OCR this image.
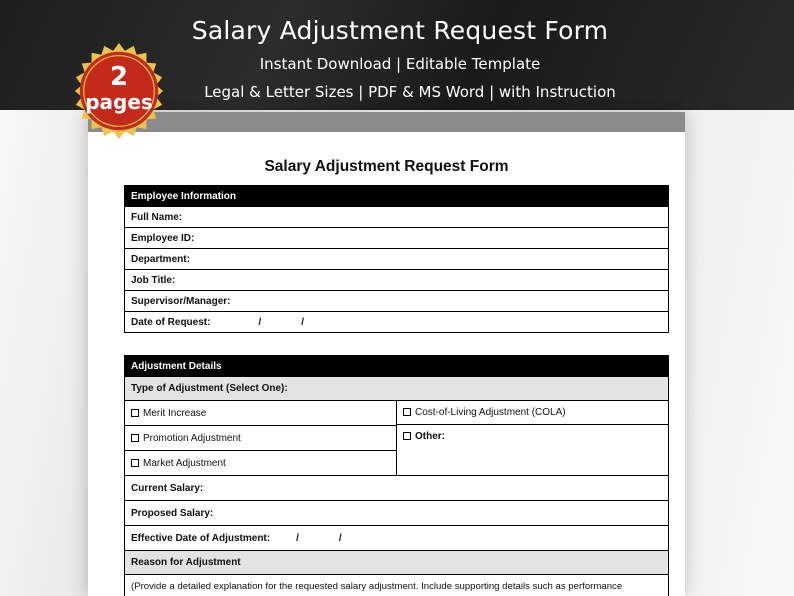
Salary Adjustment Request Form
Instant Download | Editable Template
Legal & Letter Sizes | PDF & MS Word | with Instruction
2
pages
Salary Adjustment Request Form
Employee Information
Full Name:
Employee ID:
Department:
Job Title:
Supervisor/Manager:
Date of Request:	/	/
Adjustment Details
Type of Adjustment (Select One):
Merit Increase	Cost-of-Living Adjustment (COLA)
Other:

Promotion Adjustment
Market Adjustment
Current Salary:
Proposed Salary:
Effective Date of Adjustment:	/	/
Reason for Adjustment
(Provide a detailed explanation for the requested salary adjustment. Include supporting details such as performance
